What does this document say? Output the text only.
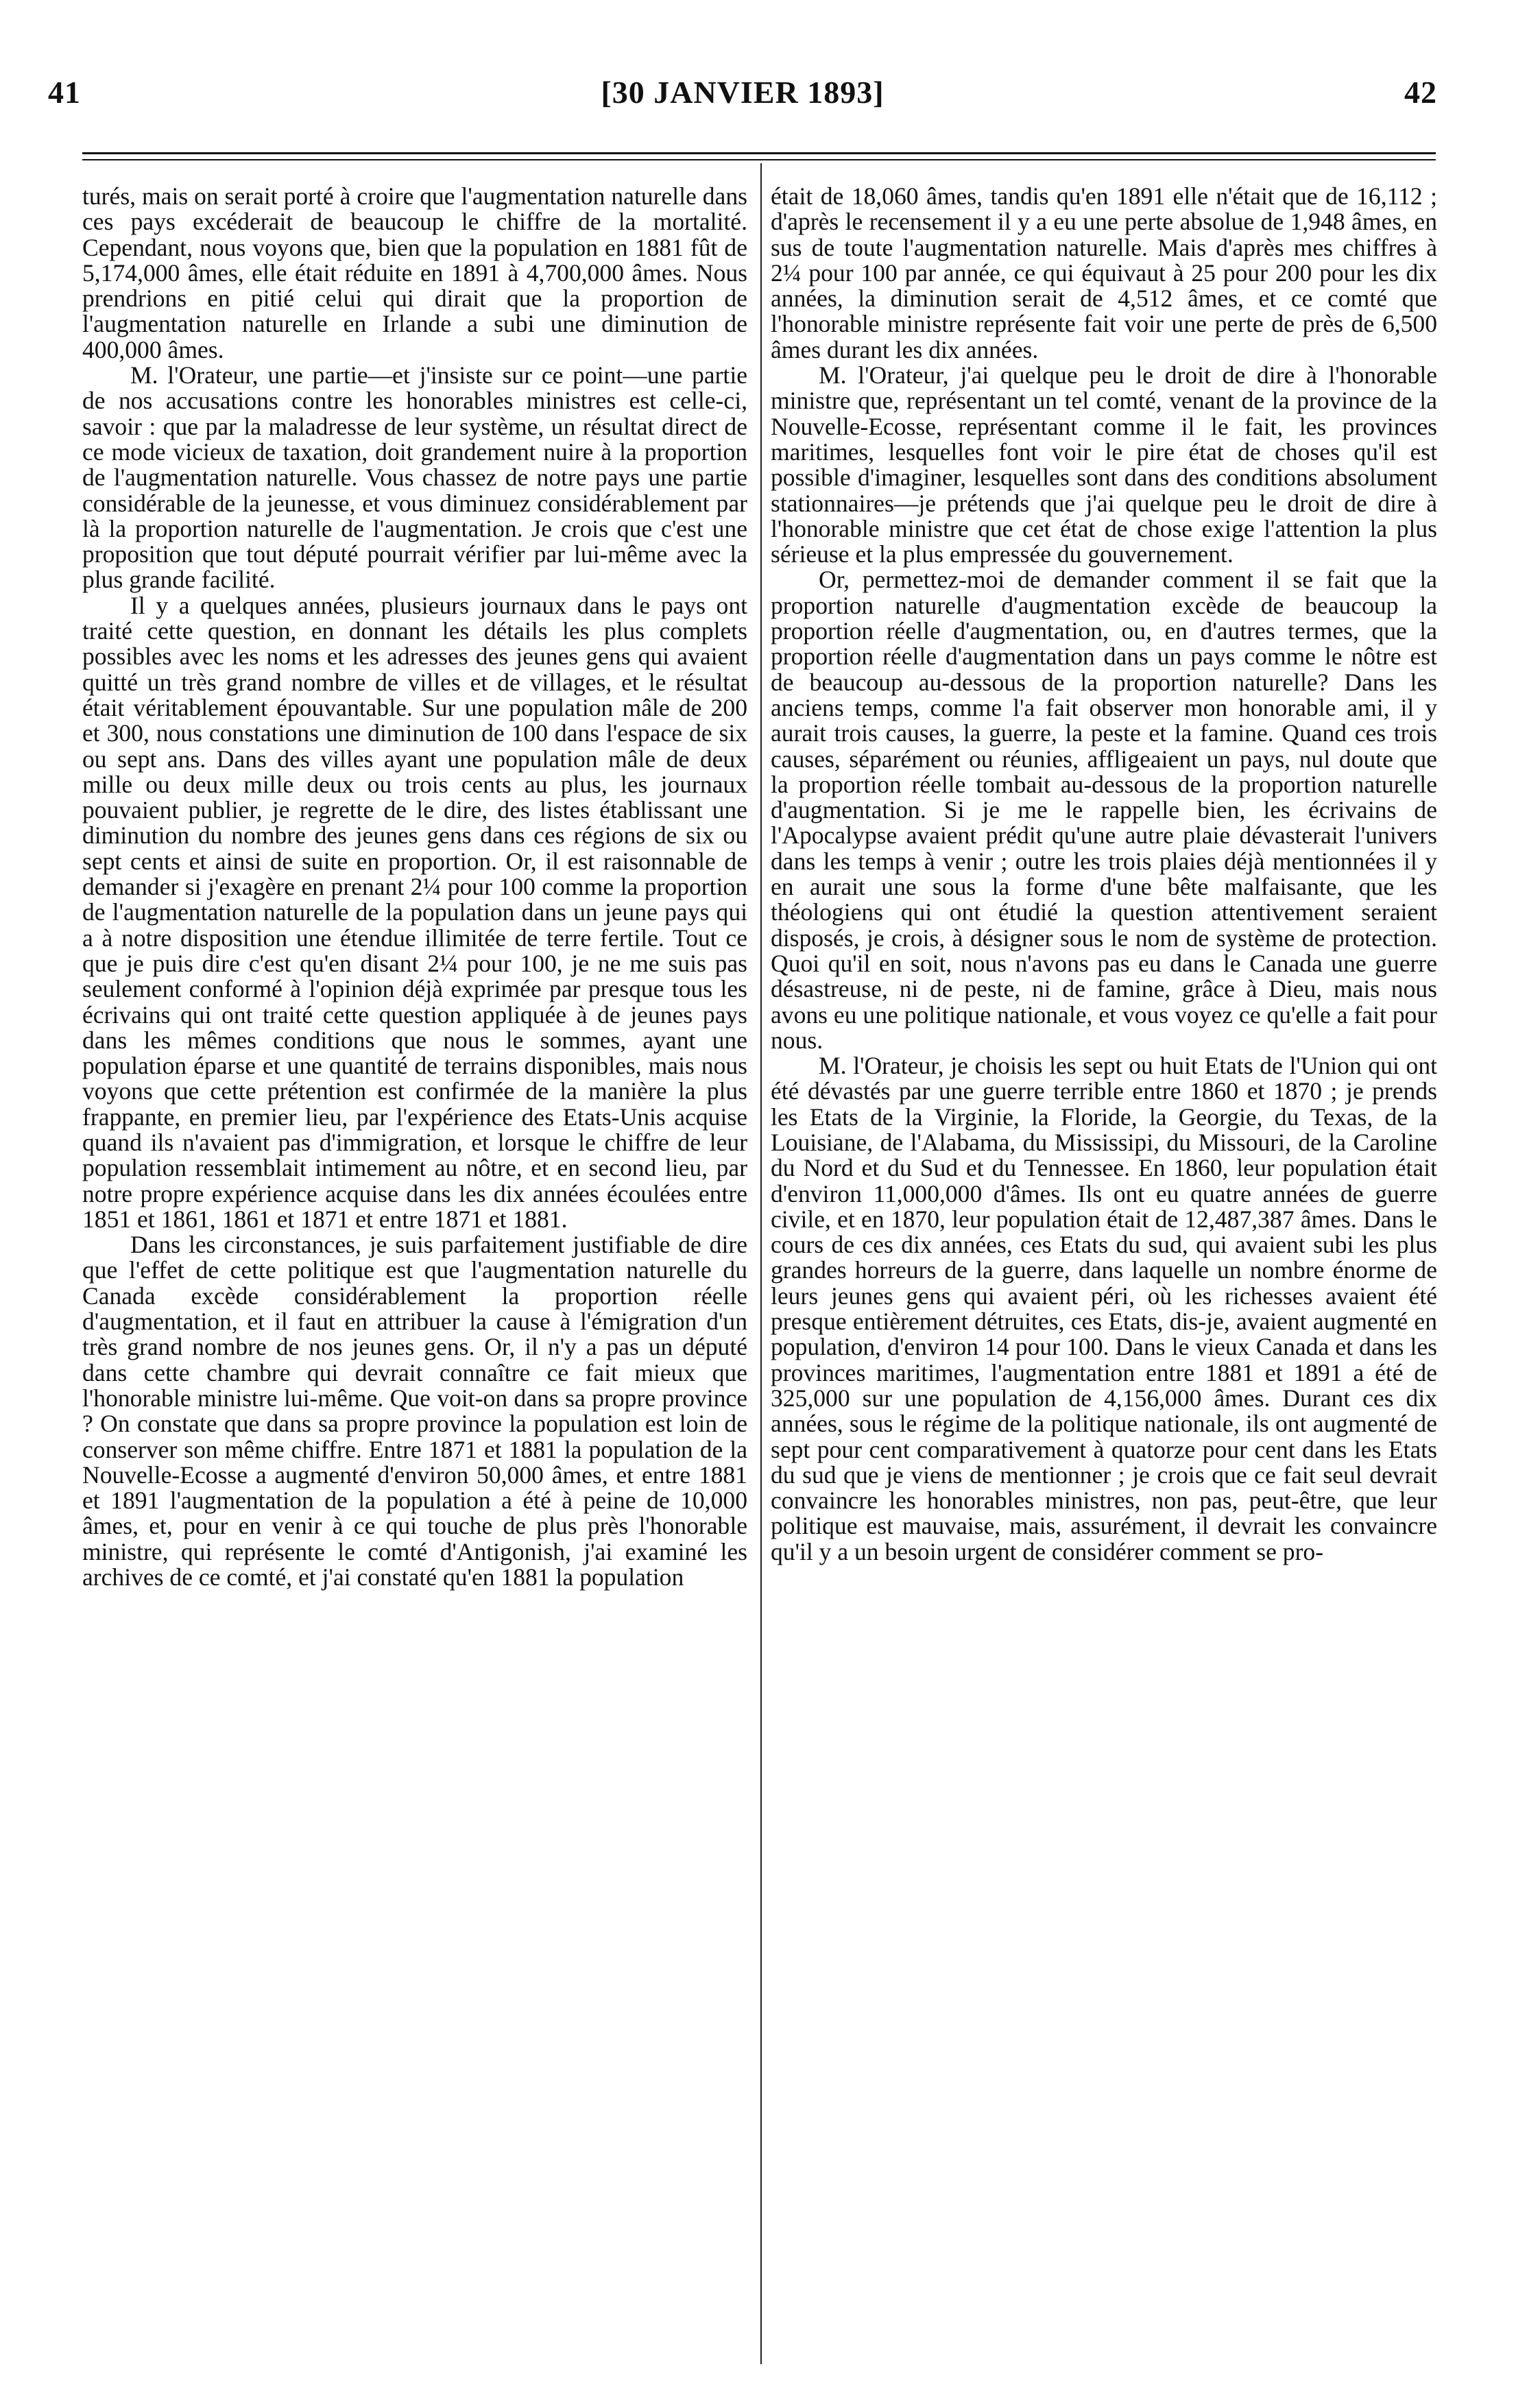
41	[30 JANVIER 1893]	42

turés, mais on serait porté à croire que l'augmentation naturelle dans ces pays excéderait de beaucoup le chiffre de la mortalité. Cependant, nous voyons que, bien que la population en 1881 fût de 5,174,000 âmes, elle était réduite en 1891 à 4,700,000 âmes. Nous prendrions en pitié celui qui dirait que la proportion de l'augmentation naturelle en Irlande a subi une diminution de 400,000 âmes.

M. l'Orateur, une partie—et j'insiste sur ce point—une partie de nos accusations contre les honorables ministres est celle-ci, savoir : que par la maladresse de leur système, un résultat direct de ce mode vicieux de taxation, doit grandement nuire à la proportion de l'augmentation naturelle. Vous chassez de notre pays une partie considérable de la jeunesse, et vous diminuez considérablement par là la proportion naturelle de l'augmentation. Je crois que c'est une proposition que tout député pourrait vérifier par lui-même avec la plus grande facilité.

Il y a quelques années, plusieurs journaux dans le pays ont traité cette question, en donnant les détails les plus complets possibles avec les noms et les adresses des jeunes gens qui avaient quitté un très grand nombre de villes et de villages, et le résultat était véritablement épouvantable. Sur une population mâle de 200 et 300, nous constations une diminution de 100 dans l'espace de six ou sept ans. Dans des villes ayant une population mâle de deux mille ou deux mille deux ou trois cents au plus, les journaux pouvaient publier, je regrette de le dire, des listes établissant une diminution du nombre des jeunes gens dans ces régions de six ou sept cents et ainsi de suite en proportion. Or, il est raisonnable de demander si j'exagère en prenant 2¼ pour 100 comme la proportion de l'augmentation naturelle de la population dans un jeune pays qui a à notre disposition une étendue illimitée de terre fertile. Tout ce que je puis dire c'est qu'en disant 2¼ pour 100, je ne me suis pas seulement conformé à l'opinion déjà exprimée par presque tous les écrivains qui ont traité cette question appliquée à de jeunes pays dans les mêmes conditions que nous le sommes, ayant une population éparse et une quantité de terrains disponibles, mais nous voyons que cette prétention est confirmée de la manière la plus frappante, en premier lieu, par l'expérience des Etats-Unis acquise quand ils n'avaient pas d'immigration, et lorsque le chiffre de leur population ressemblait intimement au nôtre, et en second lieu, par notre propre expérience acquise dans les dix années écoulées entre 1851 et 1861, 1861 et 1871 et entre 1871 et 1881.

Dans les circonstances, je suis parfaitement justifiable de dire que l'effet de cette politique est que l'augmentation naturelle du Canada excède considérablement la proportion réelle d'augmentation, et il faut en attribuer la cause à l'émigration d'un très grand nombre de nos jeunes gens. Or, il n'y a pas un député dans cette chambre qui devrait connaître ce fait mieux que l'honorable ministre lui-même. Que voit-on dans sa propre province ? On constate que dans sa propre province la population est loin de conserver son même chiffre. Entre 1871 et 1881 la population de la Nouvelle-Ecosse a augmenté d'environ 50,000 âmes, et entre 1881 et 1891 l'augmentation de la population a été à peine de 10,000 âmes, et, pour en venir à ce qui touche de plus près l'honorable ministre, qui représente le comté d'Antigonish, j'ai examiné les archives de ce comté, et j'ai constaté qu'en 1881 la population

était de 18,060 âmes, tandis qu'en 1891 elle n'était que de 16,112 ; d'après le recensement il y a eu une perte absolue de 1,948 âmes, en sus de toute l'augmentation naturelle. Mais d'après mes chiffres à 2¼ pour 100 par année, ce qui équivaut à 25 pour 200 pour les dix années, la diminution serait de 4,512 âmes, et ce comté que l'honorable ministre représente fait voir une perte de près de 6,500 âmes durant les dix années.

M. l'Orateur, j'ai quelque peu le droit de dire à l'honorable ministre que, représentant un tel comté, venant de la province de la Nouvelle-Ecosse, représentant comme il le fait, les provinces maritimes, lesquelles font voir le pire état de choses qu'il est possible d'imaginer, lesquelles sont dans des conditions absolument stationnaires—je prétends que j'ai quelque peu le droit de dire à l'honorable ministre que cet état de chose exige l'attention la plus sérieuse et la plus empressée du gouvernement.

Or, permettez-moi de demander comment il se fait que la proportion naturelle d'augmentation excède de beaucoup la proportion réelle d'augmentation, ou, en d'autres termes, que la proportion réelle d'augmentation dans un pays comme le nôtre est de beaucoup au-dessous de la proportion naturelle? Dans les anciens temps, comme l'a fait observer mon honorable ami, il y aurait trois causes, la guerre, la peste et la famine. Quand ces trois causes, séparément ou réunies, affligeaient un pays, nul doute que la proportion réelle tombait au-dessous de la proportion naturelle d'augmentation. Si je me le rappelle bien, les écrivains de l'Apocalypse avaient prédit qu'une autre plaie dévasterait l'univers dans les temps à venir ; outre les trois plaies déjà mentionnées il y en aurait une sous la forme d'une bête malfaisante, que les théologiens qui ont étudié la question attentivement seraient disposés, je crois, à désigner sous le nom de système de protection. Quoi qu'il en soit, nous n'avons pas eu dans le Canada une guerre désastreuse, ni de peste, ni de famine, grâce à Dieu, mais nous avons eu une politique nationale, et vous voyez ce qu'elle a fait pour nous.

M. l'Orateur, je choisis les sept ou huit Etats de l'Union qui ont été dévastés par une guerre terrible entre 1860 et 1870 ; je prends les Etats de la Virginie, la Floride, la Georgie, du Texas, de la Louisiane, de l'Alabama, du Mississipi, du Missouri, de la Caroline du Nord et du Sud et du Tennessee. En 1860, leur population était d'environ 11,000,000 d'âmes. Ils ont eu quatre années de guerre civile, et en 1870, leur population était de 12,487,387 âmes. Dans le cours de ces dix années, ces Etats du sud, qui avaient subi les plus grandes horreurs de la guerre, dans laquelle un nombre énorme de leurs jeunes gens qui avaient péri, où les richesses avaient été presque entièrement détruites, ces Etats, dis-je, avaient augmenté en population, d'environ 14 pour 100. Dans le vieux Canada et dans les provinces maritimes, l'augmentation entre 1881 et 1891 a été de 325,000 sur une population de 4,156,000 âmes. Durant ces dix années, sous le régime de la politique nationale, ils ont augmenté de sept pour cent comparativement à quatorze pour cent dans les Etats du sud que je viens de mentionner ; je crois que ce fait seul devrait convaincre les honorables ministres, non pas, peut-être, que leur politique est mauvaise, mais, assurément, il devrait les convaincre qu'il y a un besoin urgent de considérer comment se pro-
